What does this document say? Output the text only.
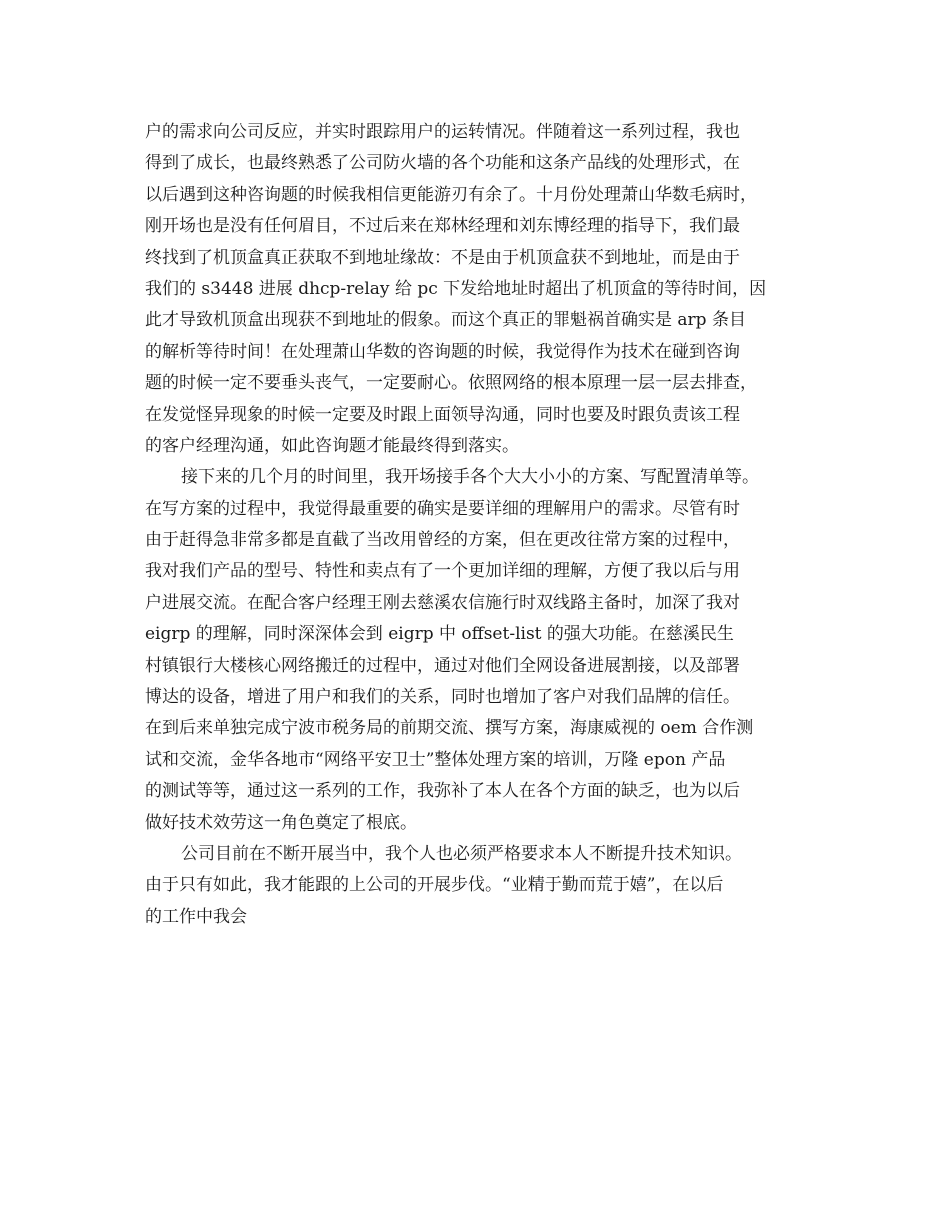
户的需求向公司反应，并实时跟踪用户的运转情况。伴随着这一系列过程，我也
得到了成长，也最终熟悉了公司防火墙的各个功能和这条产品线的处理形式，在
以后遇到这种咨询题的时候我相信更能游刃有余了。十月份处理萧山华数毛病时，
刚开场也是没有任何眉目，不过后来在郑林经理和刘东博经理的指导下，我们最
终找到了机顶盒真正获取不到地址缘故：不是由于机顶盒获不到地址，而是由于
我们的 s3448 进展 dhcp-relay 给 pc 下发给地址时超出了机顶盒的等待时间，因
此才导致机顶盒出现获不到地址的假象。而这个真正的罪魁祸首确实是 arp 条目
的解析等待时间！在处理萧山华数的咨询题的时候，我觉得作为技术在碰到咨询
题的时候一定不要垂头丧气，一定要耐心。依照网络的根本原理一层一层去排查，
在发觉怪异现象的时候一定要及时跟上面领导沟通，同时也要及时跟负责该工程
的客户经理沟通，如此咨询题才能最终得到落实。
接下来的几个月的时间里，我开场接手各个大大小小的方案、写配置清单等。
在写方案的过程中，我觉得最重要的确实是要详细的理解用户的需求。尽管有时
由于赶得急非常多都是直截了当改用曾经的方案，但在更改往常方案的过程中，
我对我们产品的型号、特性和卖点有了一个更加详细的理解，方便了我以后与用
户进展交流。在配合客户经理王刚去慈溪农信施行时双线路主备时，加深了我对
eigrp 的理解，同时深深体会到 eigrp 中 offset-list 的强大功能。在慈溪民生
村镇银行大楼核心网络搬迁的过程中，通过对他们全网设备进展割接，以及部署
博达的设备，增进了用户和我们的关系，同时也增加了客户对我们品牌的信任。
在到后来单独完成宁波市税务局的前期交流、撰写方案，海康威视的 oem 合作测
试和交流，金华各地市“网络平安卫士”整体处理方案的培训，万隆 epon 产品
的测试等等，通过这一系列的工作，我弥补了本人在各个方面的缺乏，也为以后
做好技术效劳这一角色奠定了根底。
公司目前在不断开展当中，我个人也必须严格要求本人不断提升技术知识。
由于只有如此，我才能跟的上公司的开展步伐。“业精于勤而荒于嬉”，在以后
的工作中我会
